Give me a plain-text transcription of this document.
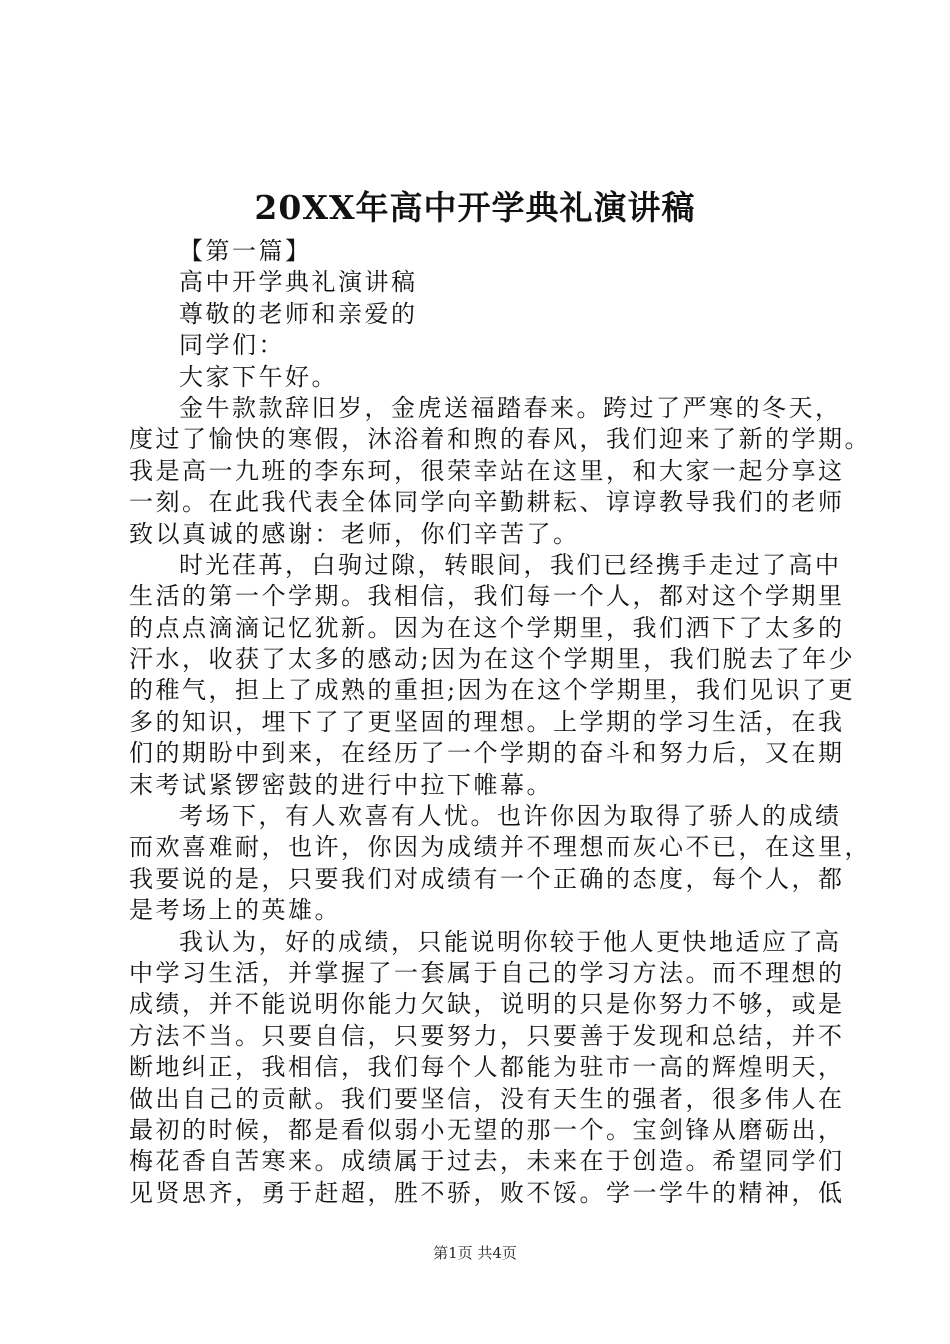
20XX年高中开学典礼演讲稿
【第一篇】
高中开学典礼演讲稿
尊敬的老师和亲爱的
同学们：
大家下午好。
金牛款款辞旧岁，金虎送福踏春来。跨过了严寒的冬天，
度过了愉快的寒假，沐浴着和煦的春风，我们迎来了新的学期。
我是高一九班的李东珂，很荣幸站在这里，和大家一起分享这
一刻。在此我代表全体同学向辛勤耕耘、谆谆教导我们的老师
致以真诚的感谢：老师，你们辛苦了。
时光荏苒，白驹过隙，转眼间，我们已经携手走过了高中
生活的第一个学期。我相信，我们每一个人，都对这个学期里
的点点滴滴记忆犹新。因为在这个学期里，我们洒下了太多的
汗水，收获了太多的感动;因为在这个学期里，我们脱去了年少
的稚气，担上了成熟的重担;因为在这个学期里，我们见识了更
多的知识，埋下了了更坚固的理想。上学期的学习生活，在我
们的期盼中到来，在经历了一个学期的奋斗和努力后，又在期
末考试紧锣密鼓的进行中拉下帷幕。
考场下，有人欢喜有人忧。也许你因为取得了骄人的成绩
而欢喜难耐，也许，你因为成绩并不理想而灰心不已，在这里，
我要说的是，只要我们对成绩有一个正确的态度，每个人，都
是考场上的英雄。
我认为，好的成绩，只能说明你较于他人更快地适应了高
中学习生活，并掌握了一套属于自己的学习方法。而不理想的
成绩，并不能说明你能力欠缺，说明的只是你努力不够，或是
方法不当。只要自信，只要努力，只要善于发现和总结，并不
断地纠正，我相信，我们每个人都能为驻市一高的辉煌明天，
做出自己的贡献。我们要坚信，没有天生的强者，很多伟人在
最初的时候，都是看似弱小无望的那一个。宝剑锋从磨砺出，
梅花香自苦寒来。成绩属于过去，未来在于创造。希望同学们
见贤思齐，勇于赶超，胜不骄，败不馁。学一学牛的精神，低
第1页 共4页
